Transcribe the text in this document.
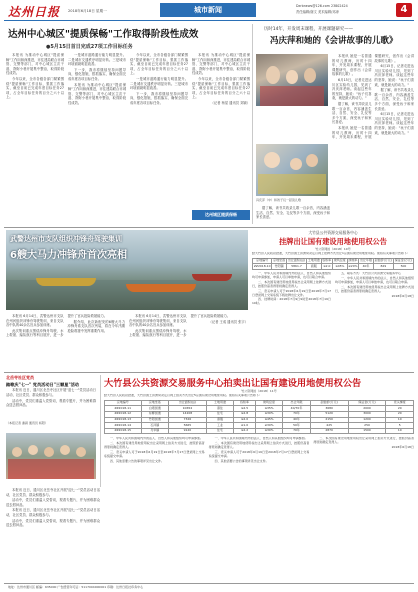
达州日报 2018年6月18日 星期一	城市新闻	Dzrbnews@126.com 23802424
责任编辑/谢文 美术编辑/邓涛	4
达州中心城区"提质保畅"工作取得阶段性成效
●5月15日首日完成27项工作目标任务

本报讯 为推动中心城区"提质保畅"工作向纵深推进，市住建局联合市城管、交警等部门，对中心城区主次干道、背街小巷开展集中整治，取得阶段性成效。

今年以来，全市各级各部门紧紧围绕"提质保畅"工作目标，狠抓工作落实，截至目前已完成年度目标任务27项，占全年目标任务的百分之六十以上。

一是城市道路通行能力明显提升。二是城市交通秩序明显好转。三是城市环境面貌明显改善。

下一步，我市将继续坚持问题导向，强化措施，狠抓落实，确保全面完成年度各项目标任务。

本报讯 为推动中心城区"提质保畅"工作向纵深推进，市住建局联合市城管、交警等部门，对中心城区主次干道、背街小巷开展集中整治，取得阶段性成效。

今年以来，全市各级各部门紧紧围绕"提质保畅"工作目标，狠抓工作落实，截至目前已完成年度目标任务27项，占全年目标任务的百分之六十以上。

一是城市道路通行能力明显提升。二是城市交通秩序明显好转。三是城市环境面貌明显改善。

下一步，我市将继续坚持问题导向，强化措施，狠抓落实，确保全面完成年度各项目标任务。

本报讯 为推动中心城区"提质保畅"工作向纵深推进，市住建局联合市城管、交警等部门，对中心城区主次干道、背街小巷开展集中整治，取得阶段性成效。

今年以来，全市各级各部门紧紧围绕"提质保畅"工作目标，狠抓工作落实，截至目前已完成年度目标任务27项，占全年目标任务的百分之六十以上。

（记者 杨星 通讯员 刘颖）

达州城区提质保畅
历时14年，开发周末课程，开展课题研究——
冯庆萍和她的《会讲故事的儿歌》
冯庆萍（中）和孩子们一起读儿歌

本报讯 她是一名普通的幼儿教师，历时十四年，开发周末课程，开展课题研究，创作出《会讲故事的儿歌》。

6月15日，记者走进达川区实验幼儿园，见到了冯庆萍老师。谈起这些年的坚持，她说："孩子们喜欢，就是最大的动力。"

据了解，该书共收录儿歌一百余首，内容涵盖生活、自然、安全、礼仪等多个方面，深受孩子和家长喜爱。

本报讯 她是一名普通的幼儿教师，历时十四年，开发周末课程，开展课题研究，创作出《会讲故事的儿歌》。

6月15日，记者走进达川区实验幼儿园，见到了冯庆萍老师。谈起这些年的坚持，她说："孩子们喜欢，就是最大的动力。"

据了解，该书共收录儿歌一百余首，内容涵盖生活、自然、安全、礼仪等多个方面，深受孩子和家长喜爱。

6月15日，记者走进达川区实验幼儿园，见到了冯庆萍老师。谈起这些年的坚持，她说："孩子们喜欢，就是最大的动力。"

据了解，该书共收录儿歌一百余首，内容涵盖生活、自然、安全、礼仪等多个方面，深受孩子和家长喜爱。

武警达州市支队组织冲锋舟驾驶集训
6艘大马力冲锋舟首次亮相

本报讯 6月14日，武警达州市支队在州河组织冲锋舟驾驶集训，来自支队各中队的40余名官兵参加训练。

此次集训重点围绕冲锋舟驾驶、水上救援、编队航行等科目展开，进一步提升了官兵抢险救援能力。

据介绍，此次新配发的6艘大马力冲锋舟系支队首次列装，将在今年汛期抢险救援中发挥重要作用。

本报讯 6月14日，武警达州市支队在州河组织冲锋舟驾驶集训，来自支队各中队的40余名官兵参加训练。

此次集训重点围绕冲锋舟驾驶、水上救援、编队航行等科目展开，进一步提升了官兵抢险救援能力。

（记者 王成 通讯员 张宇）

大竹县公共资源交易服务中心
挂牌出让国有建设用地使用权公告
竹公资网拍（2018）10号
经大竹县人民政府批准，大竹县国土资源局决定以网上挂牌方式出让1宗国有建设用地使用权。现将有关事项公告如下：
宗地编号	宗地坐落	出让面积(㎡)	土地用途	容积率	建筑密度	绿地率	出让年限	起始价(万元)	保证金(万元)
ZZ2018-10	竹阳镇	5861.7	商服	≤2.0	≤45%	≥20%	40年	829	500

一、中华人民共和国境内外的法人、自然人和其他组织均可申请参加，申请人可以单独申请，也可以联合申请。

二、本次国有建设用地使用权出让采用网上挂牌方式进行，按照价高者得原则确定竞得人。

三、竞买申请人可于2018年6月19日至2018年7月17日登录网上交易系统下载挂牌出让文件。

四、挂牌时间：2018年7月9日9时至2018年7月19日10时。

五、联系方式：大竹县公共资源交易服务中心

一、中华人民共和国境内外的法人、自然人和其他组织均可申请参加，申请人可以单独申请，也可以联合申请。

二、本次国有建设用地使用权出让采用网上挂牌方式进行，按照价高者得原则确定竞得人。

2018年6月18日

北岳寺社区党员
踏歌庆"七一" 党员活动日"三颗星"活动

本报讯 近日，通川区北岳寺社区开展"迎七一"党员活动日活动，社区党员、群众积极参与。

活动中，党员们重温入党誓词，观看专题片，并为困难群众送去慰问品。

（本报记者 谢颖 通讯员 杨阳）
大竹县公共资源交易服务中心拍卖出让国有建设用地使用权公告
竹公资网拍（2018）11号
经大竹县人民政府批准，大竹县国土资源局决定以网上拍卖方式出让5宗国有建设用地使用权。现将有关事项公告如下：
宗地编号	宗地坐落	出让面积(㎡)	土地用途	容积率	建筑密度	出让年限	起始价(万元)	保证金(万元)	竞买梯度
ZZ2018-11	白塔街道	10654	商住	≤2.5	≤35%	40/70年	3680	2000	20
ZZ2018-12	东柳街道	14208	住宅	≤2.8	≤30%	70年	5120	3000	20
ZZ2018-13	竹阳街道	7326	商服	≤2.0	≤45%	40年	2150	1200	10
ZZ2018-14	石河镇	5665	工业	≥1.0	≥30%	50年	425	250	5
ZZ2018-15	月华镇	9120	住宅	≤2.2	≤30%	70年	2870	1500	10

一、中华人民共和国境内外的法人、自然人和其他组织均可申请参加。

二、本次国有建设用地使用权出让采用网上拍卖方式进行，按照价高者得原则确定竞得人。

三、竞买申请人可于2018年6月19日至2018年7月17日登录网上交易系统提交申请。

四、其他需要公告的事项详见出让文件。

一、中华人民共和国境内外的法人、自然人和其他组织均可申请参加。

二、本次国有建设用地使用权出让采用网上拍卖方式进行，按照价高者得原则确定竞得人。

三、竞买申请人可于2018年6月19日至2018年7月17日登录网上交易系统提交申请。

四、其他需要公告的事项详见出让文件。

二、本次国有建设用地使用权出让采用网上拍卖方式进行，按照价高者得原则确定竞得人。

2018年6月18日

本报讯 近日，通川区北岳寺社区开展"迎七一"党员活动日活动，社区党员、群众积极参与。

活动中，党员们重温入党誓词，观看专题片，并为困难群众送去慰问品。

本报讯 近日，通川区北岳寺社区开展"迎七一"党员活动日活动，社区党员、群众积极参与。

活动中，党员们重温入党誓词，观看专题片，并为困难群众送去慰问品。

地址：达州市通川区 邮编：635000 广告经营许可证：5117004000001 印刷：达州日报社印务中心
